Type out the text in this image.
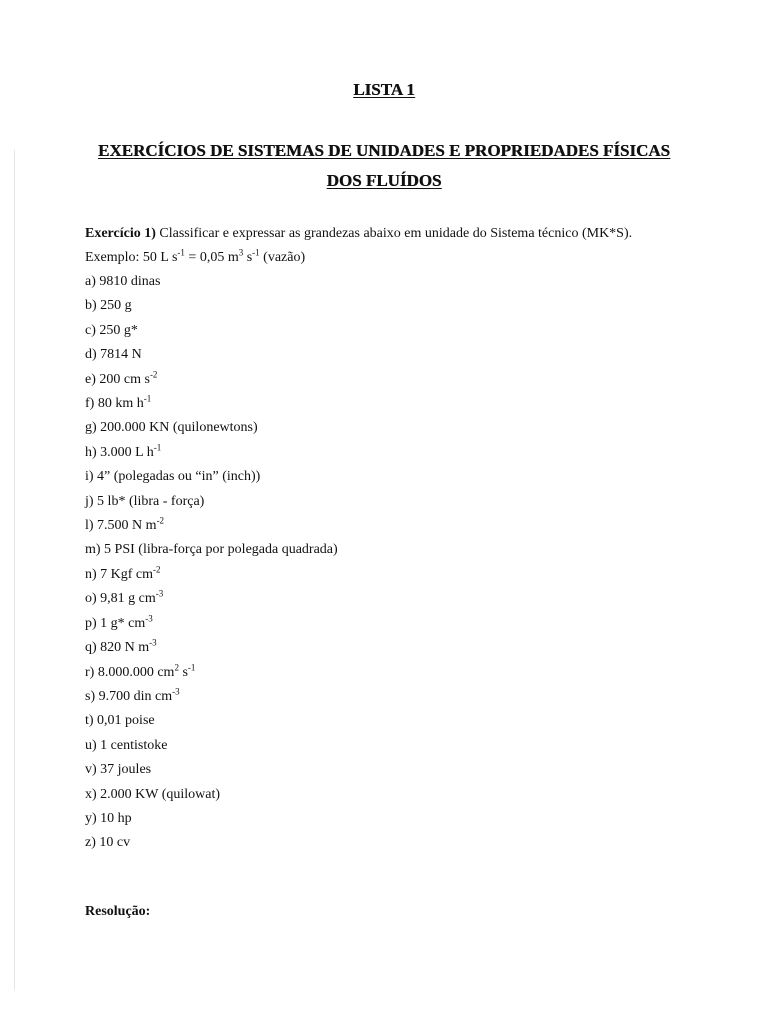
LISTA 1
EXERCÍCIOS DE SISTEMAS DE UNIDADES E PROPRIEDADES FÍSICAS
DOS FLUÍDOS
Exercício 1) Classificar e expressar as grandezas abaixo em unidade do Sistema técnico (MK*S).
Exemplo: 50 L $s^{-1} = 0,05$ $m^3$ $s^{-1}$ (vazão)
a) 9810 dinas
b) 250 g
c) 250 g*
d) 7814 N
e) 200 cm $s^{-2}$
f) 80 km $h^{-1}$
g) 200.000 KN (quilonewtons)
h) 3.000 L $h^{-1}$
i) 4” (polegadas ou “in” (inch))
j) 5 lb* (libra - força)
l) 7.500 N $m^{-2}$
m) 5 PSI (libra-força por polegada quadrada)
n) 7 Kgf $cm^{-2}$
o) 9,81 g $cm^{-3}$
p) 1 g* $cm^{-3}$
q) 820 N $m^{-3}$
r) 8.000.000 $cm^2$ $s^{-1}$
s) 9.700 din $cm^{-3}$
t) 0,01 poise
u) 1 centistoke
v) 37 joules
x) 2.000 KW (quilowat)
y) 10 hp
z) 10 cv
Resolução:
